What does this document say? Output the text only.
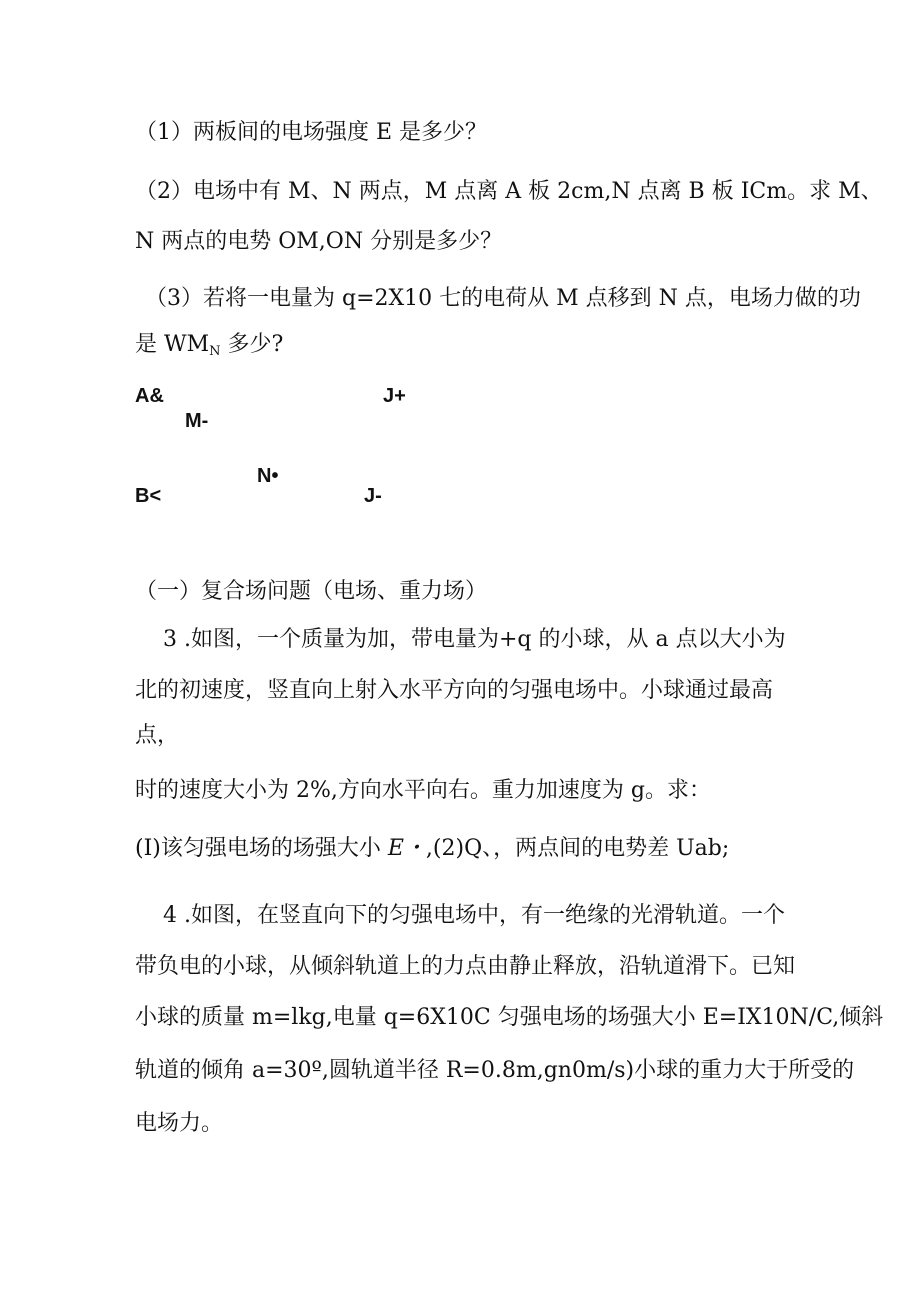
（1）两板间的电场强度 E 是多少？
（2）电场中有 M、N 两点，M 点离 A 板 2cm,N 点离 B 板 ICm。求 M、
N 两点的电势 OM,ON 分别是多少？
（3）若将一电量为 q=2X10 七的电荷从 M 点移到 N 点，电场力做的功
是 $WM_N$ 多少?
A&
M-
J+
N•
B<	J-
（一）复合场问题（电场、重力场）
3 .如图，一个质量为加，带电量为+q 的小球，从 a 点以大小为
北的初速度，竖直向上射入水平方向的匀强电场中。小球通过最高
点，
时的速度大小为 2%,方向水平向右。重力加速度为 g。求：
(I)该匀强电场的场强大小 E・,(2)Q、，两点间的电势差 Uab;
4 .如图，在竖直向下的匀强电场中，有一绝缘的光滑轨道。一个
带负电的小球，从倾斜轨道上的力点由静止释放，沿轨道滑下。已知
小球的质量 m=lkg,电量 q=6X10C 匀强电场的场强大小 E=IX10N/C,倾斜
轨道的倾角 a=30º,圆轨道半径 R=0.8m,gn0m/s)小球的重力大于所受的
电场力。
